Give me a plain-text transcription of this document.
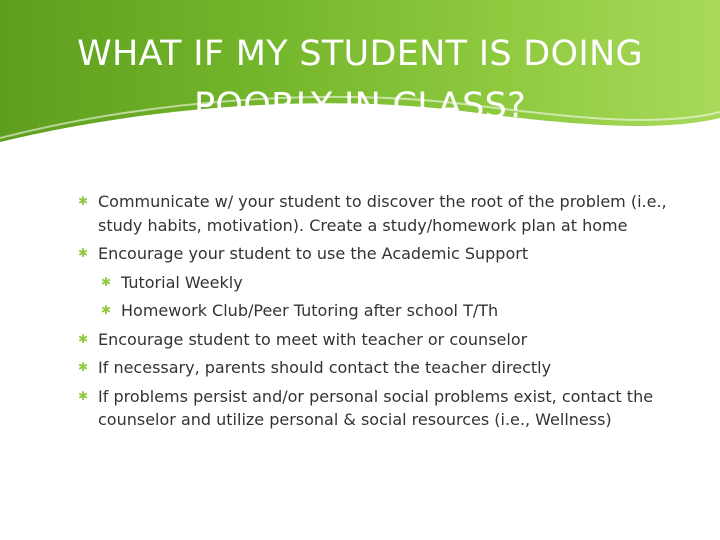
WHAT IF MY STUDENT IS DOING POORLY IN CLASS?
✱ Communicate w/ your student to discover the root of the problem (i.e., study habits, motivation). Create a study/homework plan at home
✱ Encourage your student to use the Academic Support
✱ Tutorial Weekly
✱ Homework Club/Peer Tutoring after school T/Th
✱ Encourage student to meet with teacher or counselor
✱ If necessary, parents should contact the teacher directly
✱ If problems persist and/or personal social problems exist, contact the counselor and utilize personal & social resources (i.e., Wellness)
